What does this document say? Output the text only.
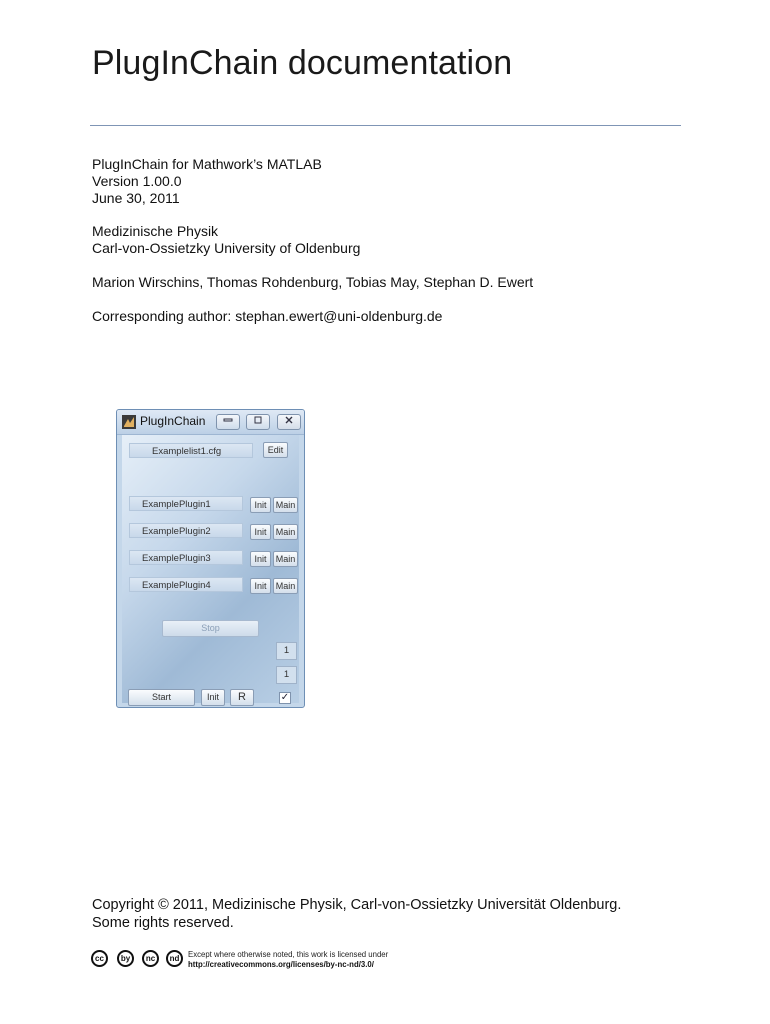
PlugInChain documentation
PlugInChain for Mathwork’s MATLAB
Version 1.00.0
June 30, 2011
Medizinische Physik
Carl-von-Ossietzky University of Oldenburg
Marion Wirschins, Thomas Rohdenburg, Tobias May, Stephan D. Ewert
Corresponding author: stephan.ewert@uni-oldenburg.de
PlugInChain
Examplelist1.cfg	Edit
ExamplePlugin1	Init	Main
ExamplePlugin2	Init	Main
ExamplePlugin3	Init	Main
ExamplePlugin4	Init	Main
Stop
1
1
Start	Init	R	✓
Copyright © 2011, Medizinische Physik, Carl-von-Ossietzky Universität Oldenburg.
Some rights reserved.
cc	by	nc	nd	Except where otherwise noted, this work is licensed under
http://creativecommons.org/licenses/by-nc-nd/3.0/
